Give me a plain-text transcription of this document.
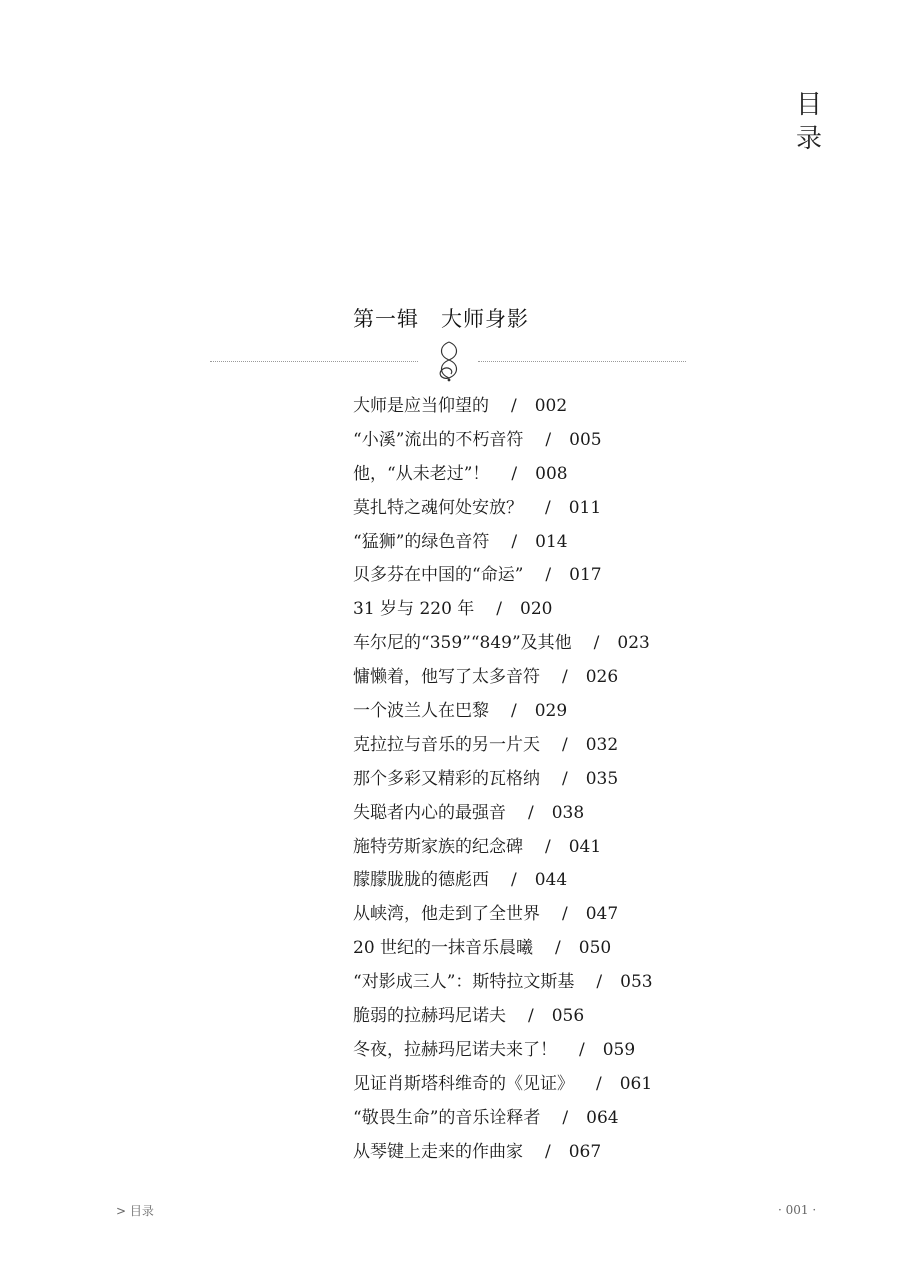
目
录
第一辑　大师身影
大师是应当仰望的 / 002
“小溪”流出的不朽音符 / 005
他，“从未老过”！ / 008
莫扎特之魂何处安放？ / 011
“猛狮”的绿色音符 / 014
贝多芬在中国的“命运” / 017
31 岁与 220 年 / 020
车尔尼的“359”“849”及其他 / 023
慵懒着，他写了太多音符 / 026
一个波兰人在巴黎 / 029
克拉拉与音乐的另一片天 / 032
那个多彩又精彩的瓦格纳 / 035
失聪者内心的最强音 / 038
施特劳斯家族的纪念碑 / 041
朦朦胧胧的德彪西 / 044
从峡湾，他走到了全世界 / 047
20 世纪的一抹音乐晨曦 / 050
“对影成三人”：斯特拉文斯基 / 053
脆弱的拉赫玛尼诺夫 / 056
冬夜，拉赫玛尼诺夫来了！ / 059
见证肖斯塔科维奇的《见证》 / 061
“敬畏生命”的音乐诠释者 / 064
从琴键上走来的作曲家 / 067
> 目录	· 001 ·
